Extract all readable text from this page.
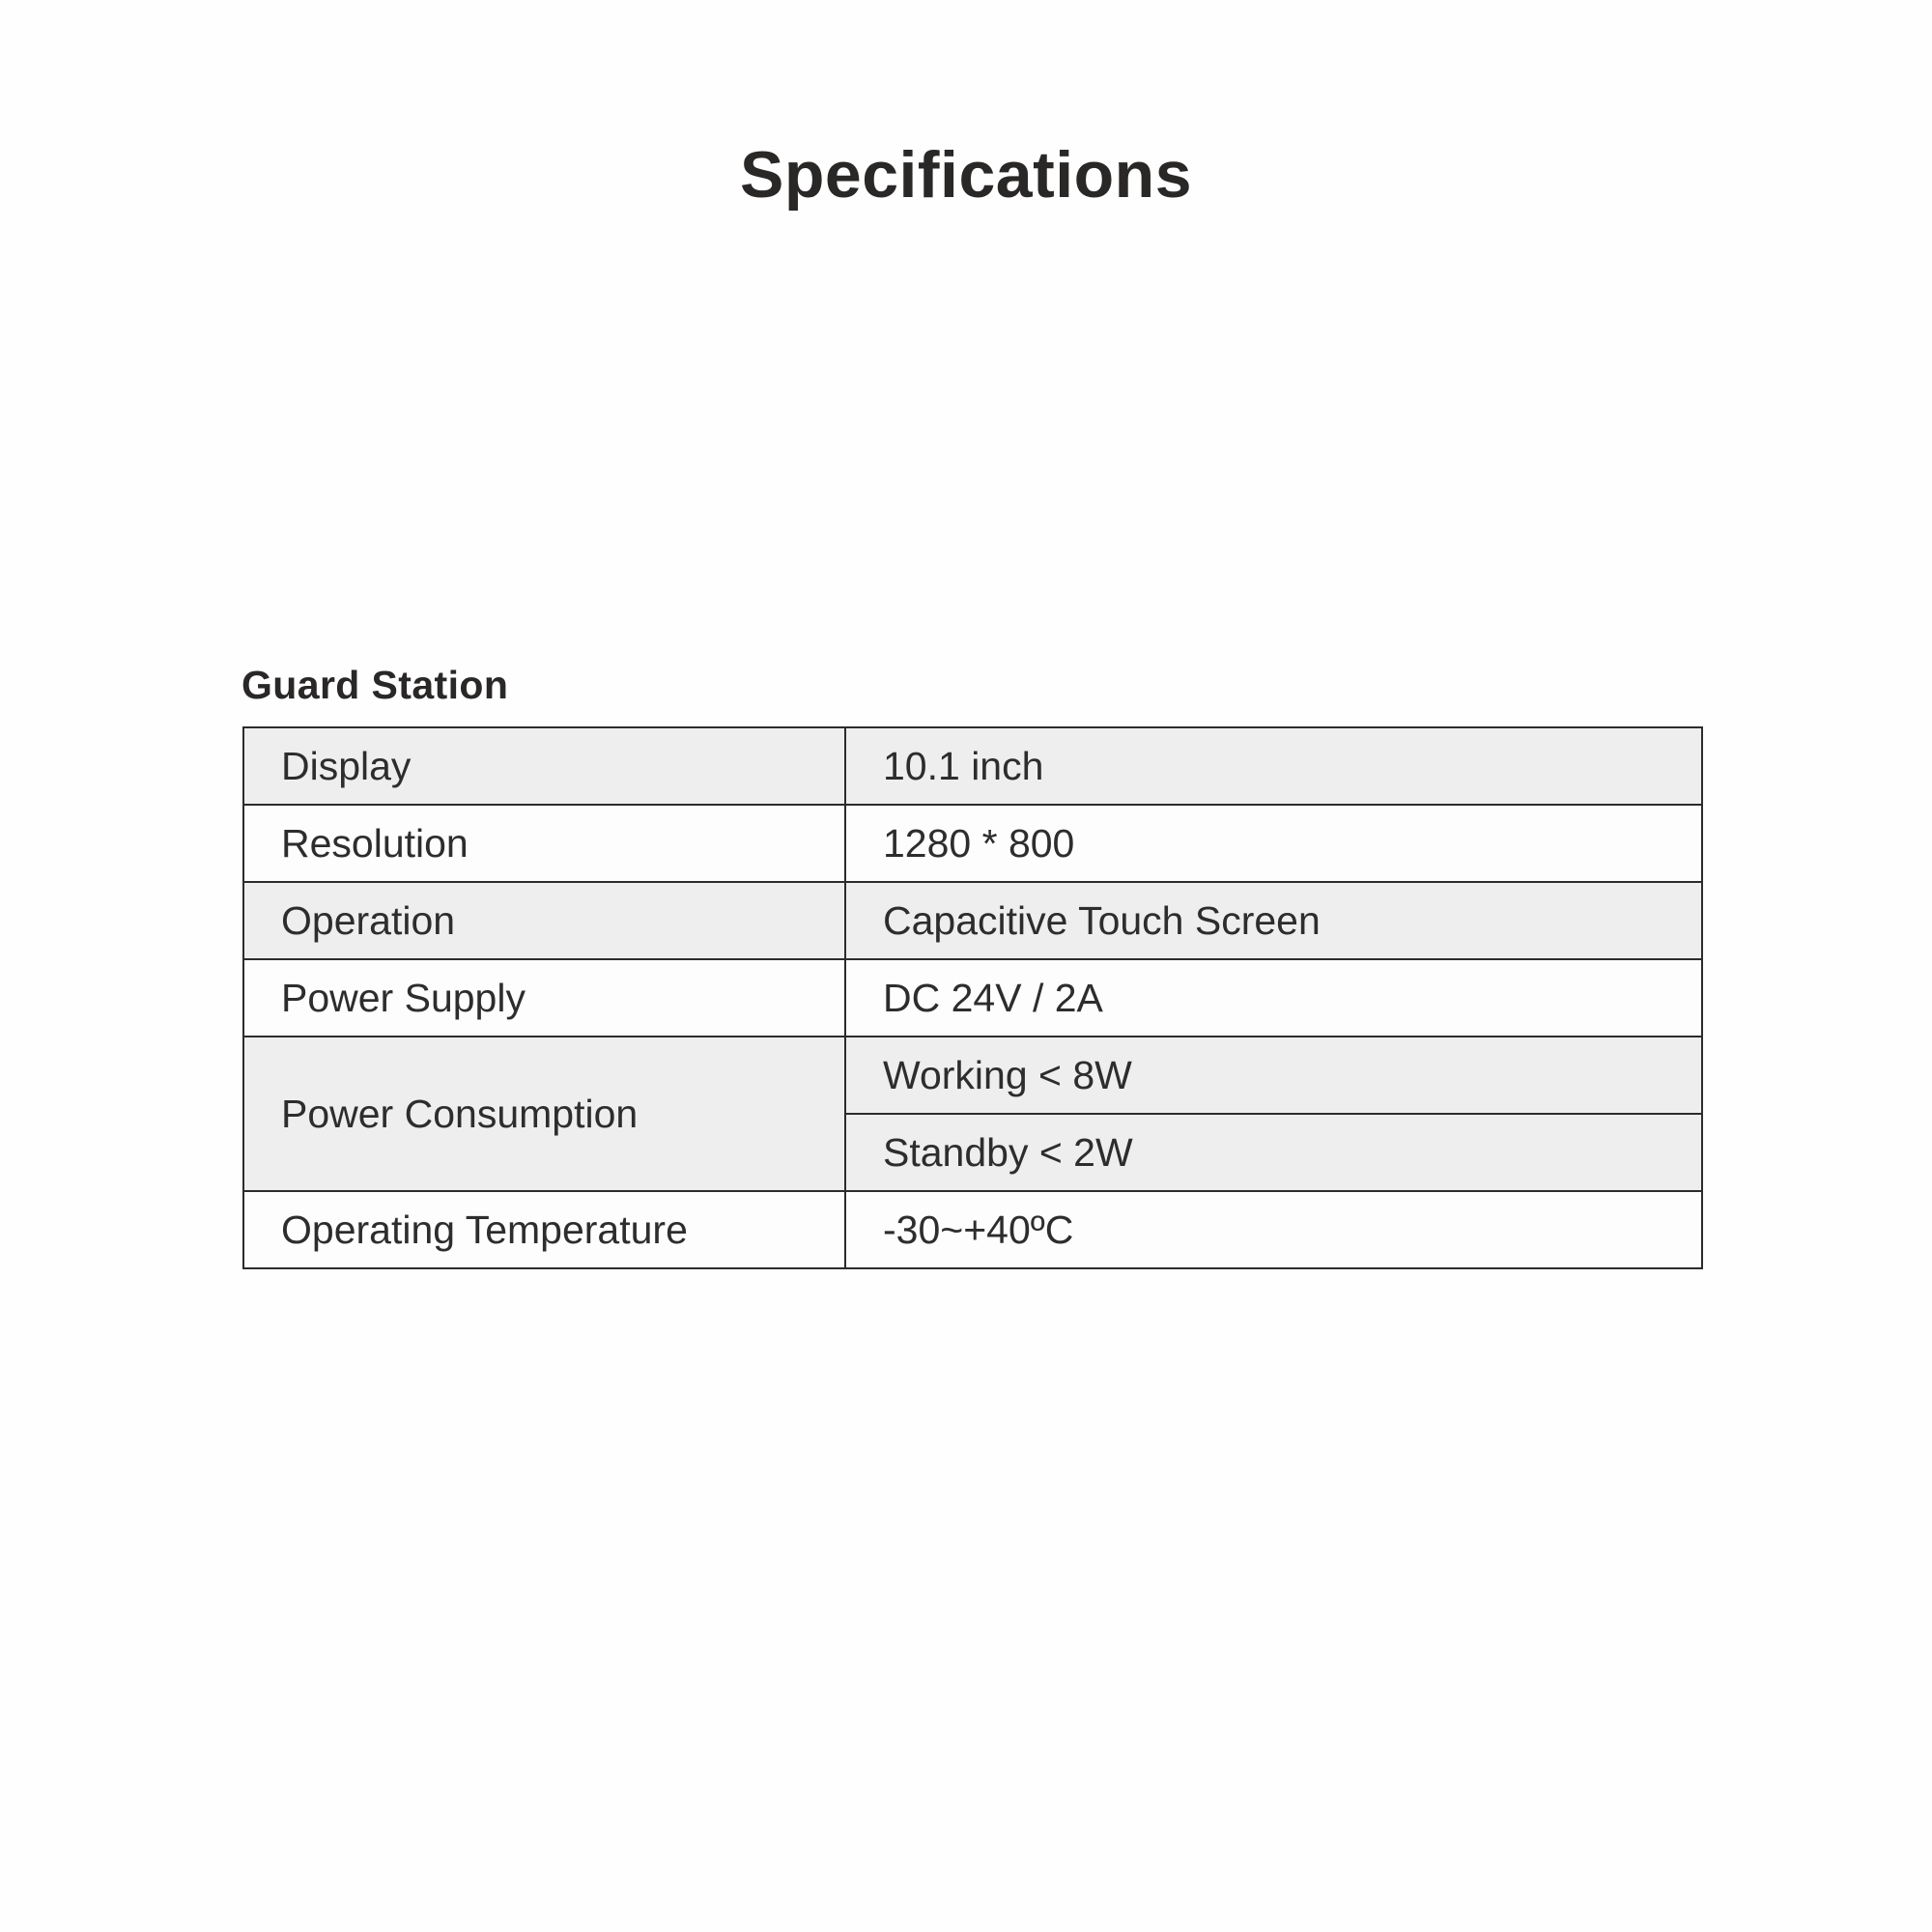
Specifications
Guard Station
Display	10.1 inch
Resolution	1280 * 800
Operation	Capacitive Touch Screen
Power Supply	DC 24V / 2A
Power Consumption	Working < 8W
	Standby < 2W
Operating Temperature	-30~+40ºC
